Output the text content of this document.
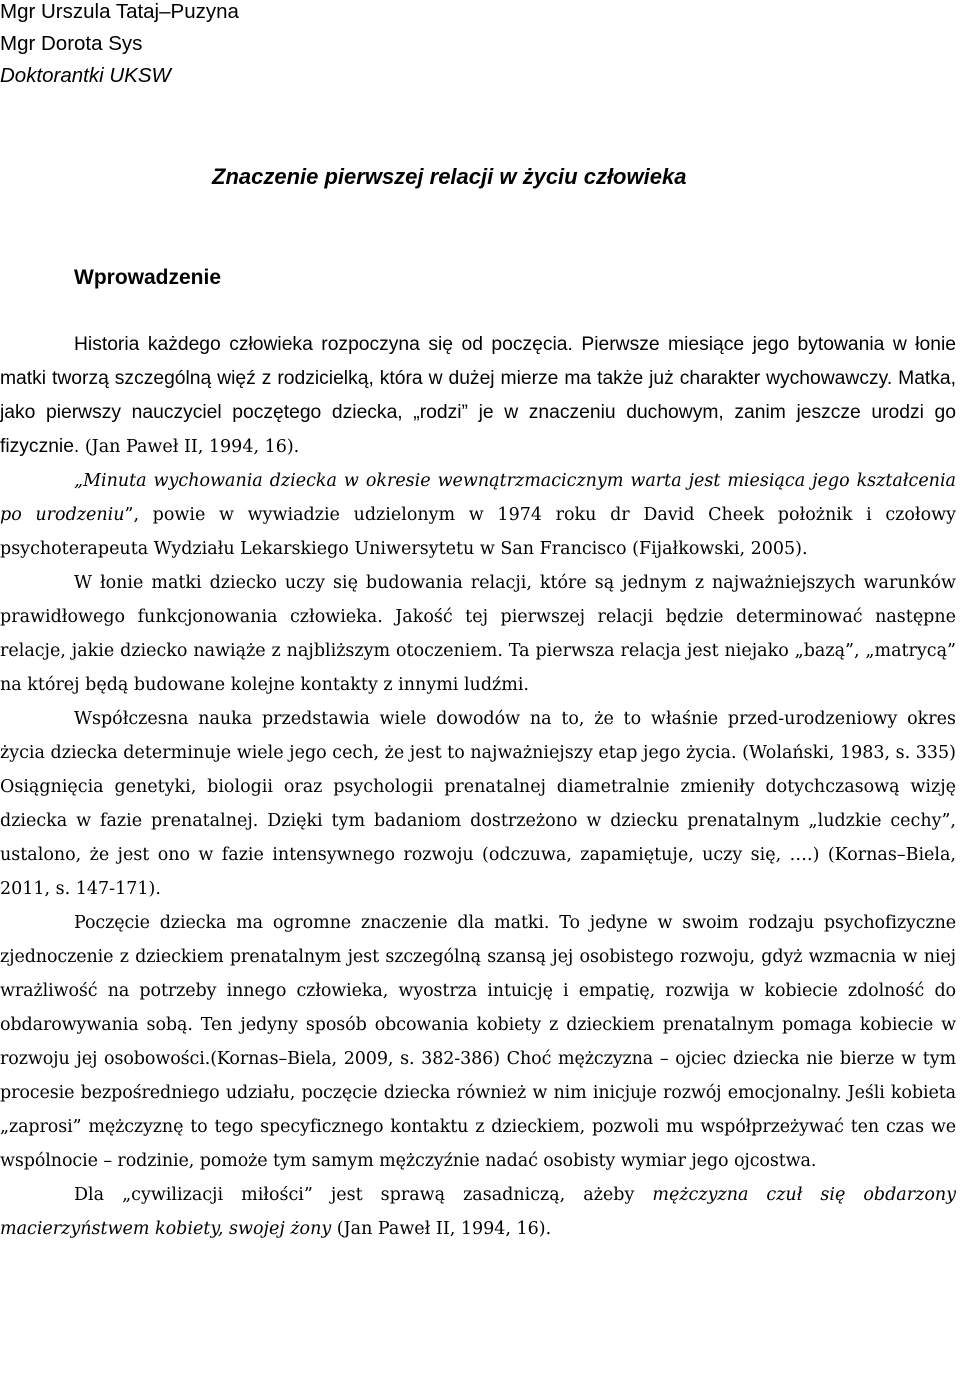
Mgr Urszula Tataj–Puzyna
Mgr Dorota Sys
Doktorantki UKSW
Znaczenie pierwszej relacji w życiu człowieka
Wprowadzenie

Historia każdego człowieka rozpoczyna się od poczęcia. Pierwsze miesiące jego bytowania w łonie matki tworzą szczególną więź z rodzicielką, która w dużej mierze ma także już charakter wychowawczy. Matka, jako pierwszy nauczyciel poczętego dziecka, „rodzi” je w znaczeniu duchowym, zanim jeszcze urodzi go fizycznie. (Jan Paweł II, 1994, 16).

„Minuta wychowania dziecka w okresie wewnątrzmacicznym warta jest miesiąca jego kształcenia po urodzeniu”, powie w wywiadzie udzielonym w 1974 roku dr David Cheek położnik i czołowy psychoterapeuta Wydziału Lekarskiego Uniwersytetu w San Francisco (Fijałkowski, 2005).

W łonie matki dziecko uczy się budowania relacji, które są jednym z najważniejszych warunków prawidłowego funkcjonowania człowieka. Jakość tej pierwszej relacji będzie determinować następne relacje, jakie dziecko nawiąże z najbliższym otoczeniem. Ta pierwsza relacja jest niejako „bazą”, „matrycą” na której będą budowane kolejne kontakty z innymi ludźmi.

Współczesna nauka przedstawia wiele dowodów na to, że to właśnie przed-urodzeniowy okres życia dziecka determinuje wiele jego cech, że jest to najważniejszy etap jego życia. (Wolański, 1983, s. 335) Osiągnięcia genetyki, biologii oraz psychologii prenatalnej diametralnie zmieniły dotychczasową wizję dziecka w fazie prenatalnej. Dzięki tym badaniom dostrzeżono w dziecku prenatalnym „ludzkie cechy”, ustalono, że jest ono w fazie intensywnego rozwoju (odczuwa, zapamiętuje, uczy się, ….) (Kornas–Biela, 2011, s. 147-171).

Poczęcie dziecka ma ogromne znaczenie dla matki. To jedyne w swoim rodzaju psychofizyczne zjednoczenie z dzieckiem prenatalnym jest szczególną szansą jej osobistego rozwoju, gdyż wzmacnia w niej wrażliwość na potrzeby innego człowieka, wyostrza intuicję i empatię, rozwija w kobiecie zdolność do obdarowywania sobą. Ten jedyny sposób obcowania kobiety z dzieckiem prenatalnym pomaga kobiecie w rozwoju jej osobowości.(Kornas–Biela, 2009, s. 382-386) Choć mężczyzna – ojciec dziecka nie bierze w tym procesie bezpośredniego udziału, poczęcie dziecka również w nim inicjuje rozwój emocjonalny. Jeśli kobieta „zaprosi” mężczyznę to tego specyficznego kontaktu z dzieckiem, pozwoli mu współprzeżywać ten czas we wspólnocie – rodzinie, pomoże tym samym mężczyźnie nadać osobisty wymiar jego ojcostwa.

Dla „cywilizacji miłości” jest sprawą zasadniczą, ażeby mężczyzna czuł się obdarzony macierzyństwem kobiety, swojej żony (Jan Paweł II, 1994, 16).
